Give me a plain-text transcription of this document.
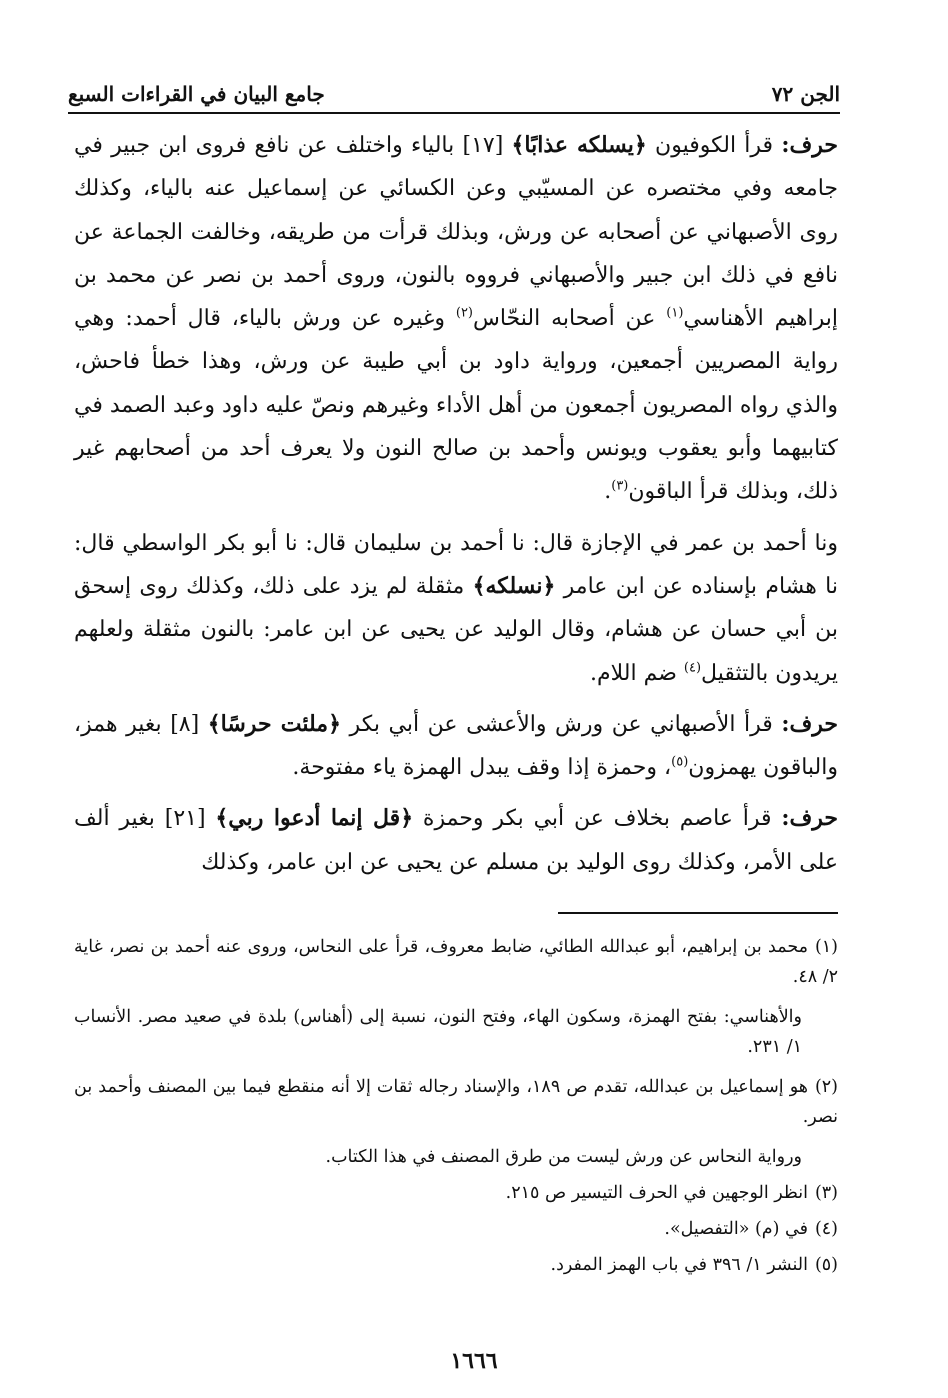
الجن ٧٢
جامع البيان في القراءات السبع

حرف: قرأ الكوفيون ﴿يسلكه عذابًا﴾ [١٧] بالياء واختلف عن نافع فروى ابن جبير في جامعه وفي مختصره عن المسيّبي وعن الكسائي عن إسماعيل عنه بالياء، وكذلك روى الأصبهاني عن أصحابه عن ورش، وبذلك قرأت من طريقه، وخالفت الجماعة عن نافع في ذلك ابن جبير والأصبهاني فرووه بالنون، وروى أحمد بن نصر عن محمد بن إبراهيم الأهناسي$^{(١)}$ عن أصحابه النحّاس$^{(٢)}$ وغيره عن ورش بالياء، قال أحمد: وهي رواية المصريين أجمعين، ورواية داود بن أبي طيبة عن ورش، وهذا خطأ فاحش، والذي رواه المصريون أجمعون من أهل الأداء وغيرهم ونصّ عليه داود وعبد الصمد في كتابيهما وأبو يعقوب ويونس وأحمد بن صالح النون ولا يعرف أحد من أصحابهم غير ذلك، وبذلك قرأ الباقون$^{(٣)}$.

ونا أحمد بن عمر في الإجازة قال: نا أحمد بن سليمان قال: نا أبو بكر الواسطي قال: نا هشام بإسناده عن ابن عامر ﴿نسلكه﴾ مثقلة لم يزد على ذلك، وكذلك روى إسحق بن أبي حسان عن هشام، وقال الوليد عن يحيى عن ابن عامر: بالنون مثقلة ولعلهم يريدون بالتثقيل$^{(٤)}$ ضم اللام.

حرف: قرأ الأصبهاني عن ورش والأعشى عن أبي بكر ﴿ملئت حرسًا﴾ [٨] بغير همز، والباقون يهمزون$^{(٥)}$، وحمزة إذا وقف يبدل الهمزة ياء مفتوحة.

حرف: قرأ عاصم بخلاف عن أبي بكر وحمزة ﴿قل إنما أدعوا ربي﴾ [٢١] بغير ألف على الأمر، وكذلك روى الوليد بن مسلم عن يحيى عن ابن عامر، وكذلك

(١)محمد بن إبراهيم، أبو عبدالله الطائي، ضابط معروف، قرأ على النحاس، وروى عنه أحمد بن نصر، غاية ٢/ ٤٨.

والأهناسي: بفتح الهمزة، وسكون الهاء، وفتح النون، نسبة إلى (أهناس) بلدة في صعيد مصر. الأنساب ١/ ٢٣١.

(٢)هو إسماعيل بن عبدالله، تقدم ص ١٨٩، والإسناد رجاله ثقات إلا أنه منقطع فيما بين المصنف وأحمد بن نصر.

ورواية النحاس عن ورش ليست من طرق المصنف في هذا الكتاب.

(٣)انظر الوجهين في الحرف التيسير ص ٢١٥.

(٤)في (م) «التفصيل».

(٥)النشر ١/ ٣٩٦ في باب الهمز المفرد.

١٦٦٦
